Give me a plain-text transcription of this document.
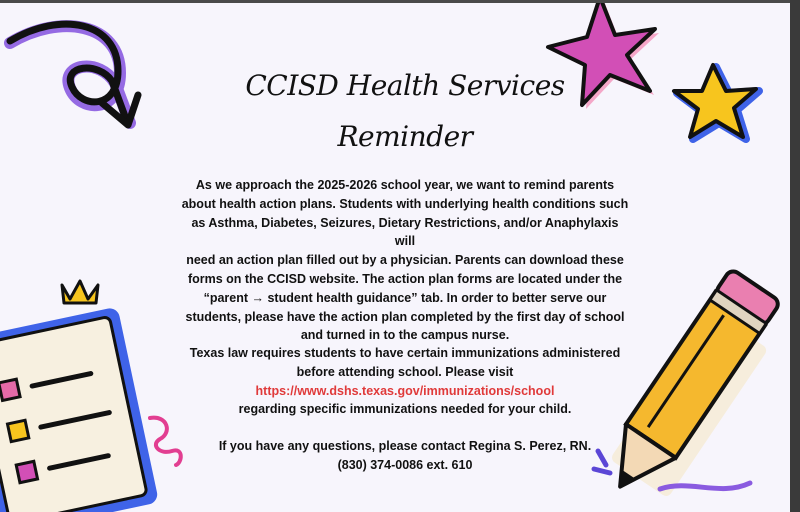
CCISD Health Services
Reminder
As we approach the 2025-2026 school year, we want to remind parents
about health action plans. Students with underlying health conditions such
as Asthma, Diabetes, Seizures, Dietary Restrictions, and/or Anaphylaxis will
need an action plan filled out by a physician. Parents can download these
forms on the CCISD website. The action plan forms are located under the
“parent → student health guidance” tab. In order to better serve our
students, please have the action plan completed by the first day of school
and turned in to the campus nurse.
Texas law requires students to have certain immunizations administered
before attending school. Please visit
https://www.dshs.texas.gov/immunizations/school
regarding specific immunizations needed for your child.
If you have any questions, please contact Regina S. Perez, RN.
(830) 374-0086 ext. 610
